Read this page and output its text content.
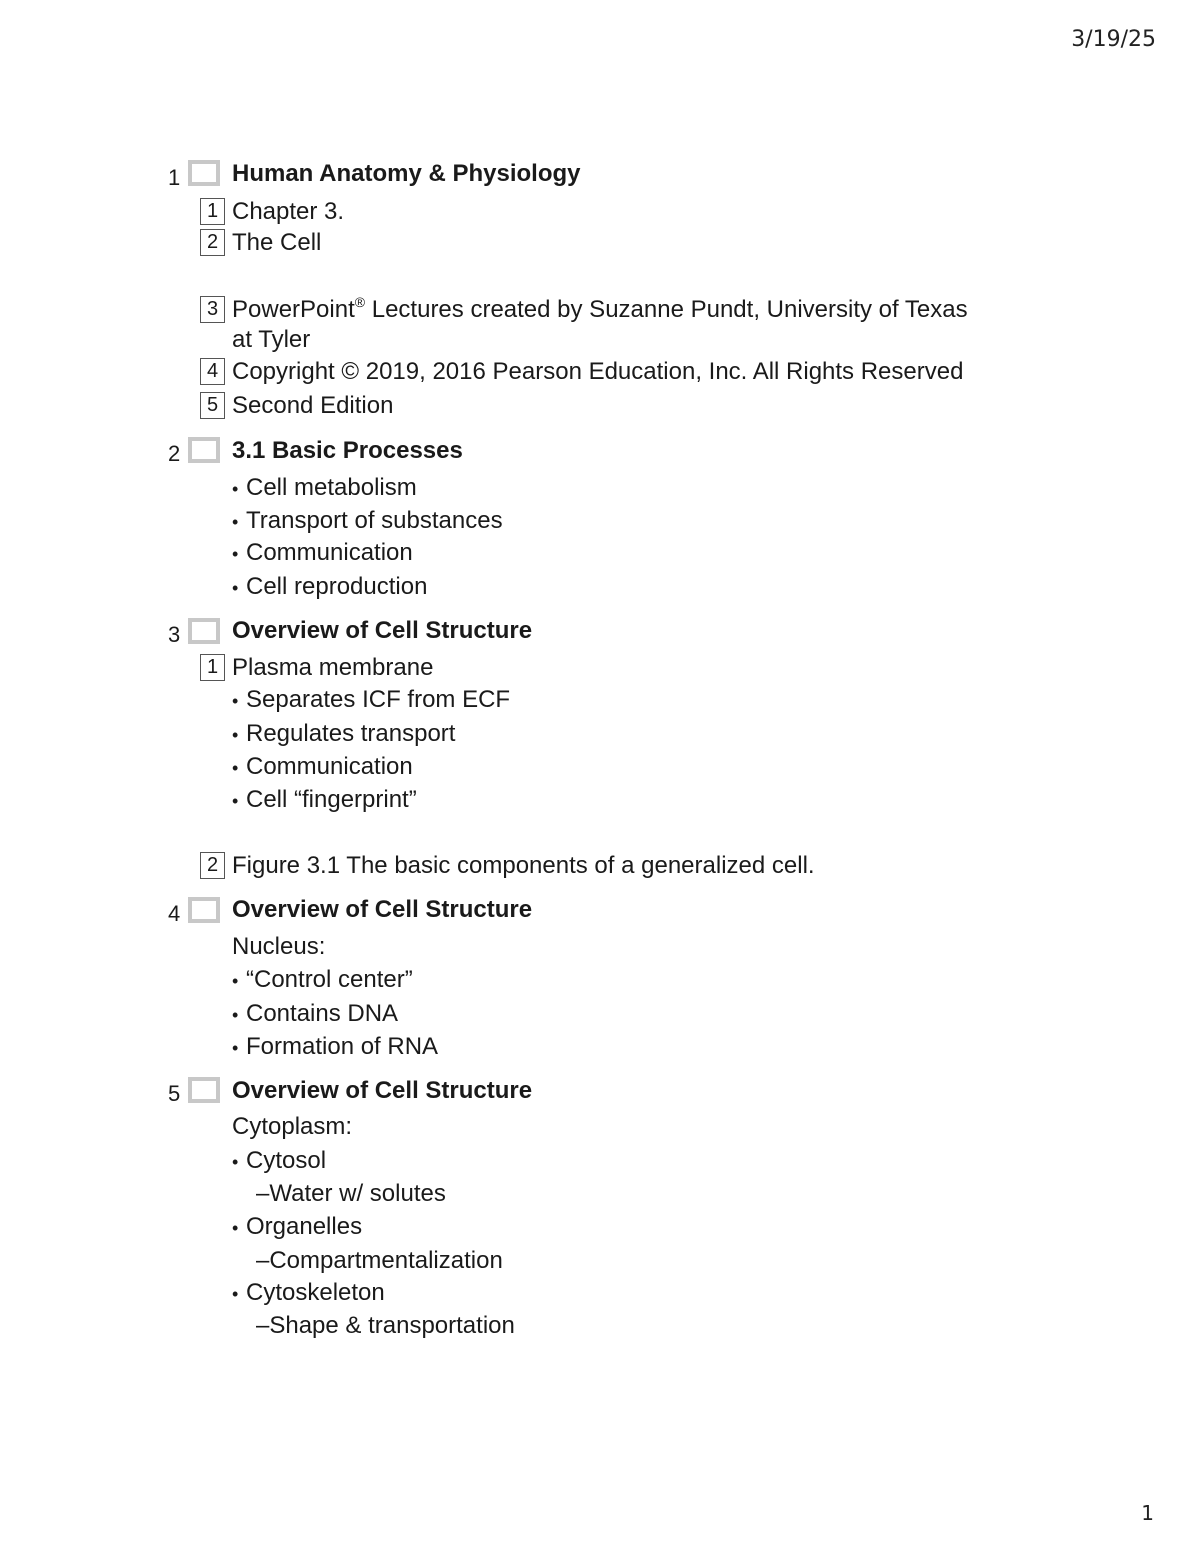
3/19/25
1	Human Anatomy & Physiology
1 Chapter 3.
2 The Cell
3 PowerPoint® Lectures created by Suzanne Pundt, University of Texas
at Tyler
4 Copyright © 2019, 2016 Pearson Education, Inc. All Rights Reserved
5 Second Edition
2	3.1 Basic Processes
• Cell metabolism
• Transport of substances
• Communication
• Cell reproduction
3	Overview of Cell Structure
1 Plasma membrane
• Separates ICF from ECF
• Regulates transport
• Communication
• Cell “fingerprint”
2 Figure 3.1 The basic components of a generalized cell.
4	Overview of Cell Structure
Nucleus:
• “Control center”
• Contains DNA
• Formation of RNA
5	Overview of Cell Structure
Cytoplasm:
• Cytosol
–Water w/ solutes
• Organelles
–Compartmentalization
• Cytoskeleton
–Shape & transportation
1
